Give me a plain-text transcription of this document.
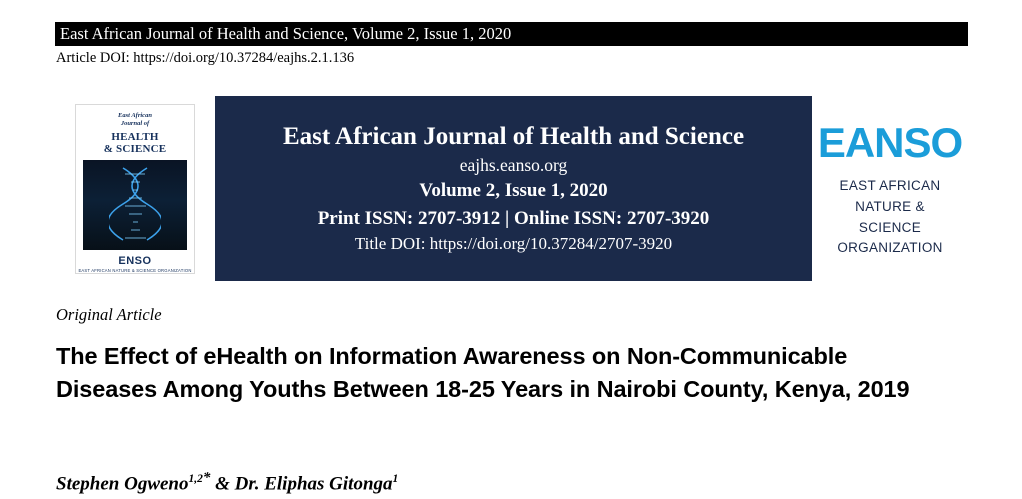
East African Journal of Health and Science, Volume 2, Issue 1, 2020
Article DOI: https://doi.org/10.37284/eajhs.2.1.136
East African
Journal of
HEALTH
& SCIENCE
ENSO
EAST AFRICAN NATURE & SCIENCE ORGANIZATION
East African Journal of Health and Science
eajhs.eanso.org
Volume 2, Issue 1, 2020
Print ISSN: 2707-3912 | Online ISSN: 2707-3920
Title DOI: https://doi.org/10.37284/2707-3920
EANSO
EAST AFRICAN
NATURE &
SCIENCE
ORGANIZATION
Original Article
The Effect of eHealth on Information Awareness on Non-Communicable Diseases Among Youths Between 18-25 Years in Nairobi County, Kenya, 2019
Stephen Ogweno$^{1,2*}$ & Dr. Eliphas Gitonga$^1$
